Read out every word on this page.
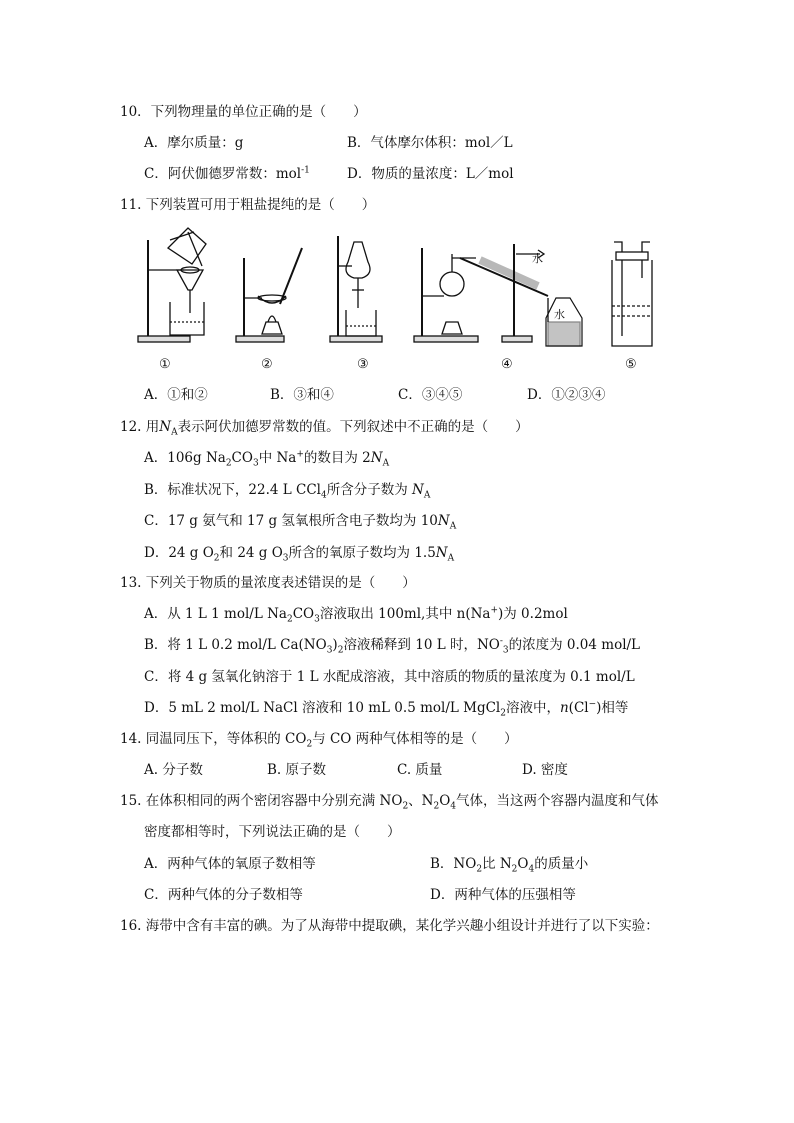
10．下列物理量的单位正确的是（　　）
A．摩尔质量：g	B．气体摩尔体积：mol／L
C．阿伏伽德罗常数：mol$^{-1}$	D．物质的量浓度：L／mol
11. 下列装置可用于粗盐提纯的是（　　）
水
水
①	②	③	④	⑤
A．①和②	B．③和④	C．③④⑤	D．①②③④
12. 用$N_A$表示阿伏加德罗常数的值。下列叙述中不正确的是（　　）
A．106g $Na_2CO_3$中 Na+的数目为 $2N_A$
B．标准状况下，22.4 L CCl$_4$所含分子数为 $N_A$
C．17 g 氨气和 17 g 氢氧根所含电子数均为 $10N_A$
D．24 g $O_2$和 24 g $O_3$所含的氧原子数均为 $1.5N_A$
13. 下列关于物质的量浓度表述错误的是（　　）
A．从 1 L 1 mol/L $Na_2CO_3$溶液取出 100ml,其中 n(Na+)为 0.2mol
B．将 1 L 0.2 mol/L $Ca(NO_3)_2$溶液稀释到 10 L 时，$NO^-_3$的浓度为 0.04 mol/L
C．将 4 g 氢氧化钠溶于 1 L 水配成溶液，其中溶质的物质的量浓度为 0.1 mol/L
D．5 mL 2 mol/L NaCl 溶液和 10 mL 0.5 mol/L MgCl$_2$溶液中，n(Cl−)相等
14. 同温同压下，等体积的 $CO_2$与 CO 两种气体相等的是（　　）
A. 分子数	B. 原子数	C. 质量	D. 密度
15. 在体积相同的两个密闭容器中分别充满 $NO_2$、$N_2O_4$气体，当这两个容器内温度和气体
密度都相等时，下列说法正确的是（　　）
A．两种气体的氧原子数相等	B．$NO_2$比 $N_2O_4$的质量小
C．两种气体的分子数相等	D．两种气体的压强相等
16. 海带中含有丰富的碘。为了从海带中提取碘，某化学兴趣小组设计并进行了以下实验：
